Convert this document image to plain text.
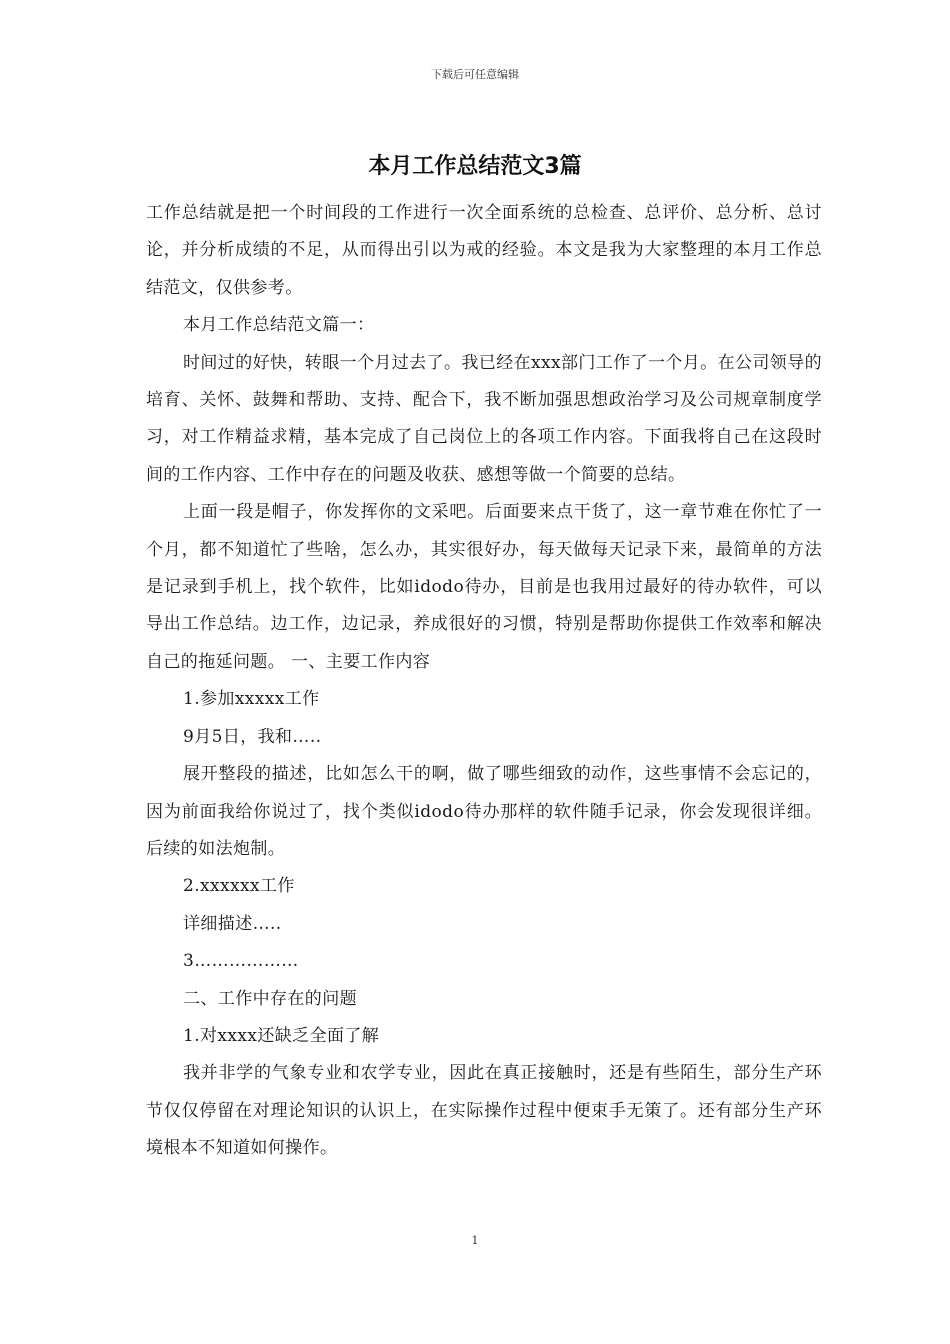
下载后可任意编辑
本月工作总结范文3篇

工作总结就是把一个时间段的工作进行一次全面系统的总检查、总评价、总分析、总讨论，并分析成绩的不足，从而得出引以为戒的经验。本文是我为大家整理的本月工作总结范文，仅供参考。

本月工作总结范文篇一：

时间过的好快，转眼一个月过去了。我已经在xxx部门工作了一个月。在公司领导的培育、关怀、鼓舞和帮助、支持、配合下，我不断加强思想政治学习及公司规章制度学习，对工作精益求精，基本完成了自己岗位上的各项工作内容。下面我将自己在这段时间的工作内容、工作中存在的问题及收获、感想等做一个简要的总结。

上面一段是帽子，你发挥你的文采吧。后面要来点干货了，这一章节难在你忙了一个月，都不知道忙了些啥，怎么办，其实很好办，每天做每天记录下来，最简单的方法是记录到手机上，找个软件，比如idodo待办，目前是也我用过最好的待办软件，可以导出工作总结。边工作，边记录，养成很好的习惯，特别是帮助你提供工作效率和解决自己的拖延问题。 一、主要工作内容

1.参加xxxxx工作

9月5日，我和…..

展开整段的描述，比如怎么干的啊，做了哪些细致的动作，这些事情不会忘记的，因为前面我给你说过了，找个类似idodo待办那样的软件随手记录，你会发现很详细。后续的如法炮制。

2.xxxxxx工作

详细描述…..

3………………

二、工作中存在的问题

1.对xxxx还缺乏全面了解

我并非学的气象专业和农学专业，因此在真正接触时，还是有些陌生，部分生产环节仅仅停留在对理论知识的认识上，在实际操作过程中便束手无策了。还有部分生产环境根本不知道如何操作。

1
